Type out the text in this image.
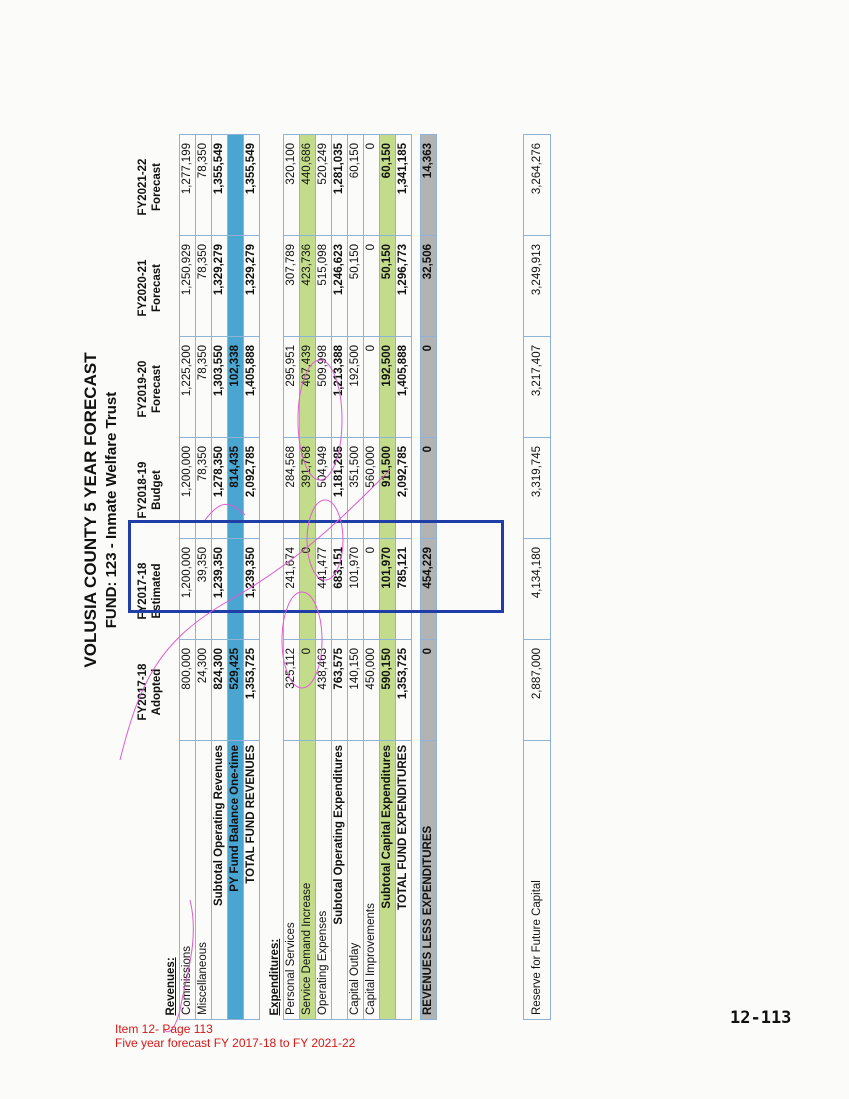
VOLUSIA COUNTY 5 YEAR FORECAST FUND: 123 - Inmate Welfare Trust
	FY2017-18 Adopted	FY2017-18 Estimated	FY2018-19 Budget	FY2019-20 Forecast	FY2020-21 Forecast	FY2021-22 Forecast
Revenues:						
Commissions	800,000	1,200,000	1,200,000	1,225,200	1,250,929	1,277,199
Miscellaneous	24,300	39,350	78,350	78,350	78,350	78,350
Subtotal Operating Revenues	824,300	1,239,350	1,278,350	1,303,550	1,329,279	1,355,549
PY Fund Balance One-time	529,425		814,435	102,338		
TOTAL FUND REVENUES	1,353,725	1,239,350	2,092,785	1,405,888	1,329,279	1,355,549

Expenditures:						
Personal Services	325,112	241,674	284,568	295,951	307,789	320,100
Service Demand Increase	0	0	391,768	407,439	423,736	440,686
Operating Expenses	438,463	441,477	504,949	509,998	515,098	520,249
Subtotal Operating Expenditures	763,575	683,151	1,181,285	1,213,388	1,246,623	1,281,035
Capital Outlay	140,150	101,970	351,500	192,500	50,150	60,150
Capital Improvements	450,000	0	560,000	0	0	0
Subtotal Capital Expenditures	590,150	101,970	911,500	192,500	50,150	60,150
TOTAL FUND EXPENDITURES	1,353,725	785,121	2,092,785	1,405,888	1,296,773	1,341,185

REVENUES LESS EXPENDITURES	0	454,229	0	0	32,506	14,363
Reserve for Future Capital	2,887,000	4,134,180	3,319,745	3,217,407	3,249,913	3,264,276
Item 12- Page 113
Five year forecast FY 2017-18 to FY 2021-22
12-113
